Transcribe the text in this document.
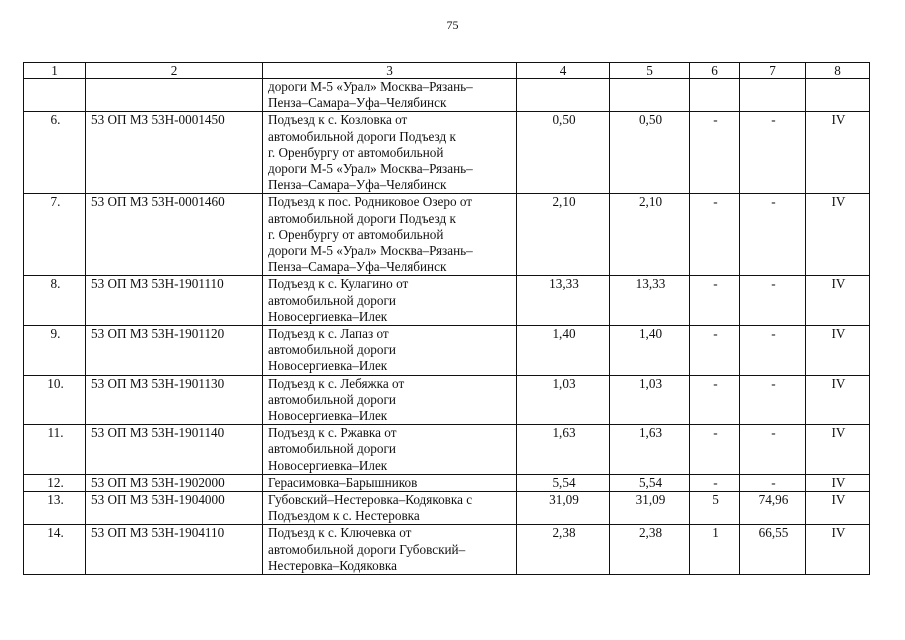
75
1	2	3	4	5	6	7	8

		дороги М-5 «Урал» Москва–Рязань–
Пенза–Самара–Уфа–Челябинск					

6.	53 ОП МЗ 53Н-0001450	Подъезд к с. Козловка от
автомобильной дороги Подъезд к
г. Оренбургу от автомобильной
дороги М-5 «Урал» Москва–Рязань–
Пенза–Самара–Уфа–Челябинск	0,50	0,50	-	-	IV
7.	53 ОП МЗ 53Н-0001460	Подъезд к пос. Родниковое Озеро от
автомобильной дороги Подъезд к
г. Оренбургу от автомобильной
дороги М-5 «Урал» Москва–Рязань–
Пенза–Самара–Уфа–Челябинск	2,10	2,10	-	-	IV
8.	53 ОП МЗ 53Н-1901110	Подъезд к с. Кулагино от
автомобильной дороги
Новосергиевка–Илек	13,33	13,33	-	-	IV
9.	53 ОП МЗ 53Н-1901120	Подъезд к с. Лапаз от
автомобильной дороги
Новосергиевка–Илек	1,40	1,40	-	-	IV
10.	53 ОП МЗ 53Н-1901130	Подъезд к с. Лебяжка от
автомобильной дороги
Новосергиевка–Илек	1,03	1,03	-	-	IV
11.	53 ОП МЗ 53Н-1901140	Подъезд к с. Ржавка от
автомобильной дороги
Новосергиевка–Илек	1,63	1,63	-	-	IV
12.	53 ОП МЗ 53Н-1902000	Герасимовка–Барышников	5,54	5,54	-	-	IV
13.	53 ОП МЗ 53Н-1904000	Губовский–Нестеровка–Кодяковка с
Подъездом к с. Нестеровка	31,09	31,09	5	74,96	IV
14.	53 ОП МЗ 53Н-1904110	Подъезд к с. Ключевка от
автомобильной дороги Губовский–
Нестеровка–Кодяковка	2,38	2,38	1	66,55	IV
